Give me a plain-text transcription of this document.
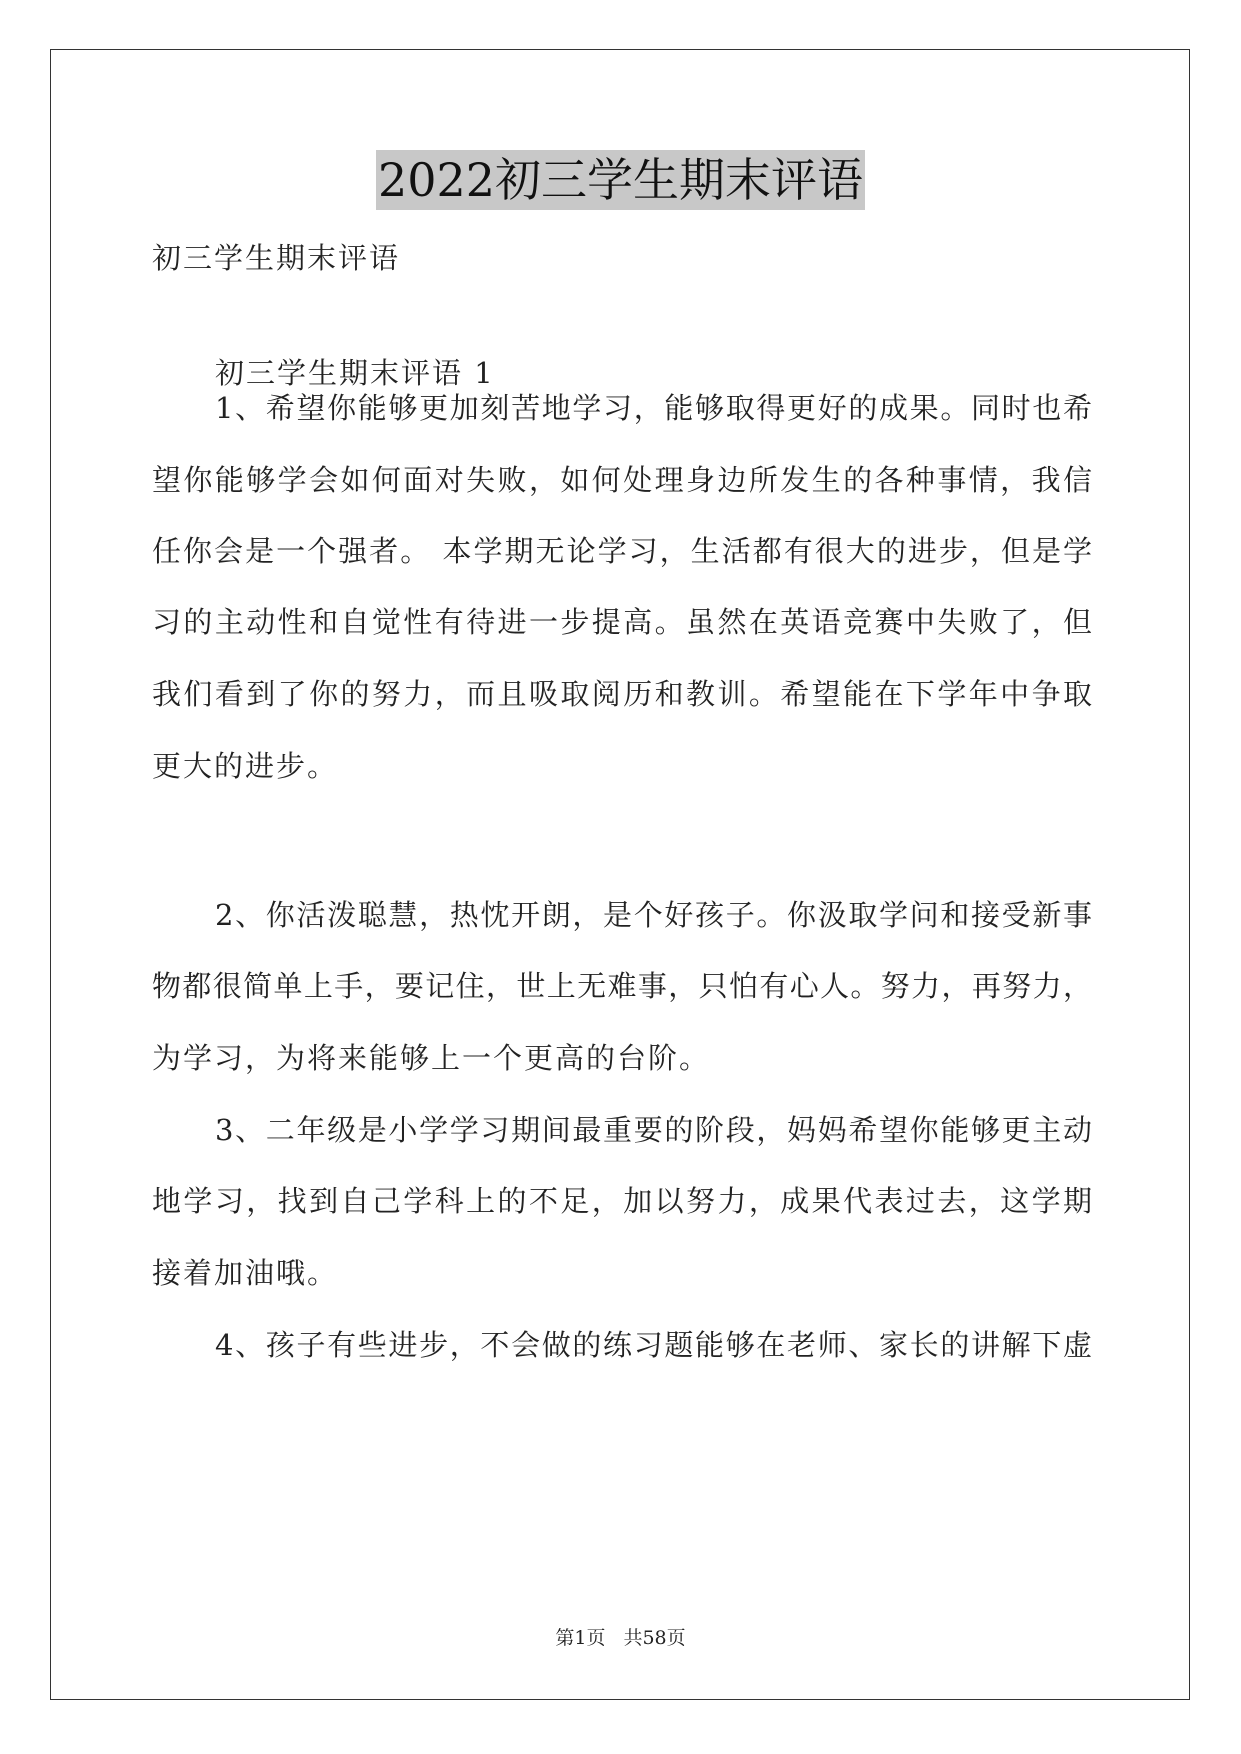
2022初三学生期末评语
初三学生期末评语
初三学生期末评语 1
1、希望你能够更加刻苦地学习，能够取得更好的成果。同时也希
望你能够学会如何面对失败，如何处理身边所发生的各种事情，我信
任你会是一个强者。 本学期无论学习，生活都有很大的进步，但是学
习的主动性和自觉性有待进一步提高。虽然在英语竞赛中失败了，但
我们看到了你的努力，而且吸取阅历和教训。希望能在下学年中争取
更大的进步。
2、你活泼聪慧，热忱开朗，是个好孩子。你汲取学问和接受新事
物都很简单上手，要记住，世上无难事，只怕有心人。努力，再努力，
为学习，为将来能够上一个更高的台阶。
3、二年级是小学学习期间最重要的阶段，妈妈希望你能够更主动
地学习，找到自己学科上的不足，加以努力，成果代表过去，这学期
接着加油哦。
4、孩子有些进步，不会做的练习题能够在老师、家长的讲解下虚
第1页 共58页
